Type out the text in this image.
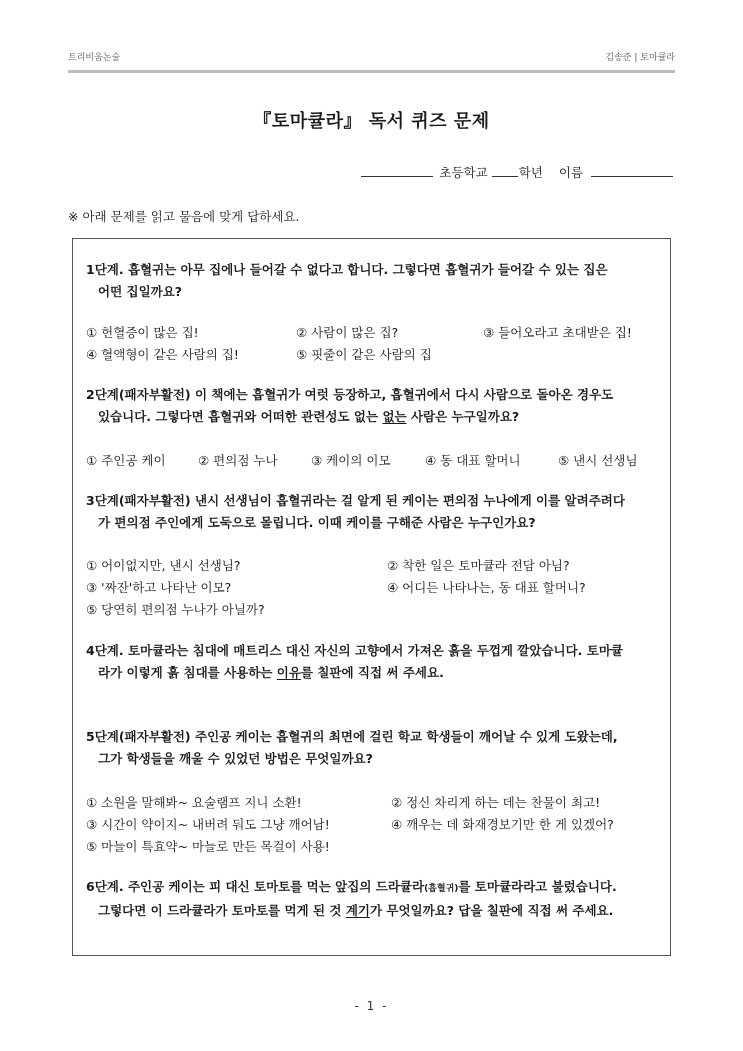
트리비움논술	김송준 | 토마큘라
『토마큘라』 독서 퀴즈 문제
초등학교 학년 이름
※ 아래 문제를 읽고 물음에 맞게 답하세요.
1단계. 흡혈귀는 아무 집에나 들어갈 수 없다고 합니다. 그렇다면 흡혈귀가 들어갈 수 있는 집은
어떤 집일까요?
① 헌혈증이 많은 집!	② 사람이 많은 집?	③ 들어오라고 초대받은 집!
④ 혈액형이 같은 사람의 집!	⑤ 핏줄이 같은 사람의 집
2단계(패자부활전) 이 책에는 흡혈귀가 여럿 등장하고, 흡혈귀에서 다시 사람으로 돌아온 경우도
있습니다. 그렇다면 흡혈귀와 어떠한 관련성도 없는 없는 사람은 누구일까요?
① 주인공 케이	② 편의점 누나	③ 케이의 이모	④ 동 대표 할머니	⑤ 낸시 선생님
3단계(패자부활전) 낸시 선생님이 흡혈귀라는 걸 알게 된 케이는 편의점 누나에게 이를 알려주려다
가 편의점 주인에게 도둑으로 몰립니다. 이때 케이를 구해준 사람은 누구인가요?
① 어이없지만, 낸시 선생님?	② 착한 일은 토마큘라 전담 아님?
③ '짜잔'하고 나타난 이모?	④ 어디든 나타나는, 동 대표 할머니?
⑤ 당연히 편의점 누나가 아닐까?
4단계. 토마큘라는 침대에 매트리스 대신 자신의 고향에서 가져온 흙을 두껍게 깔았습니다. 토마큘
라가 이렇게 흙 침대를 사용하는 이유를 칠판에 직접 써 주세요.
5단계(패자부활전) 주인공 케이는 흡혈귀의 최면에 걸린 학교 학생들이 깨어날 수 있게 도왔는데,
그가 학생들을 깨울 수 있었던 방법은 무엇일까요?
① 소원을 말해봐~ 요술램프 지니 소환!	② 정신 차리게 하는 데는 찬물이 최고!
③ 시간이 약이지~ 내버려 둬도 그냥 깨어남!	④ 깨우는 데 화재경보기만 한 게 있겠어?
⑤ 마늘이 특효약~ 마늘로 만든 목걸이 사용!
6단계. 주인공 케이는 피 대신 토마토를 먹는 앞집의 드라큘라(흡혈귀)를 토마큘라라고 불렀습니다.
그렇다면 이 드라큘라가 토마토를 먹게 된 것 계기가 무엇일까요? 답을 칠판에 직접 써 주세요.
- 1 -
